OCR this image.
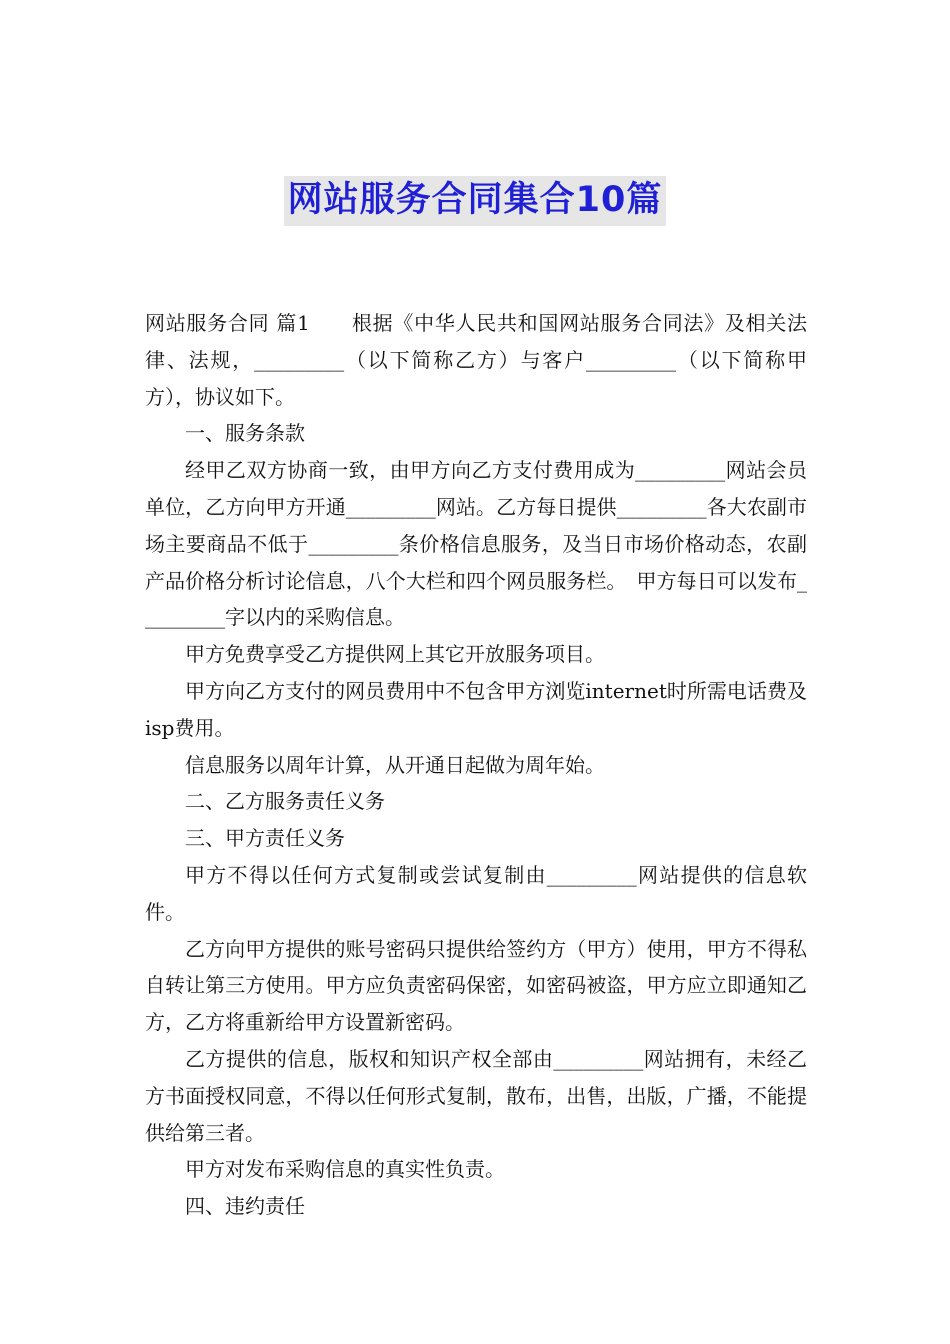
网站服务合同集合10篇

网站服务合同 篇1　　根据《中华人民共和国网站服务合同法》及相关法律、法规，_________（以下简称乙方）与客户_________（以下简称甲方），协议如下。

一、服务条款

经甲乙双方协商一致，由甲方向乙方支付费用成为_________网站会员单位，乙方向甲方开通_________网站。乙方每日提供_________各大农副市场主要商品不低于_________条价格信息服务，及当日市场价格动态，农副产品价格分析讨论信息，八个大栏和四个网员服务栏。　甲方每日可以发布_________字以内的采购信息。

甲方免费享受乙方提供网上其它开放服务项目。

甲方向乙方支付的网员费用中不包含甲方浏览internet时所需电话费及isp费用。

信息服务以周年计算，从开通日起做为周年始。

二、乙方服务责任义务

三、甲方责任义务

甲方不得以任何方式复制或尝试复制由_________网站提供的信息软件。

乙方向甲方提供的账号密码只提供给签约方（甲方）使用，甲方不得私自转让第三方使用。甲方应负责密码保密，如密码被盗，甲方应立即通知乙方，乙方将重新给甲方设置新密码。

乙方提供的信息，版权和知识产权全部由_________网站拥有，未经乙方书面授权同意，不得以任何形式复制，散布，出售，出版，广播，不能提供给第三者。

甲方对发布采购信息的真实性负责。

四、违约责任
